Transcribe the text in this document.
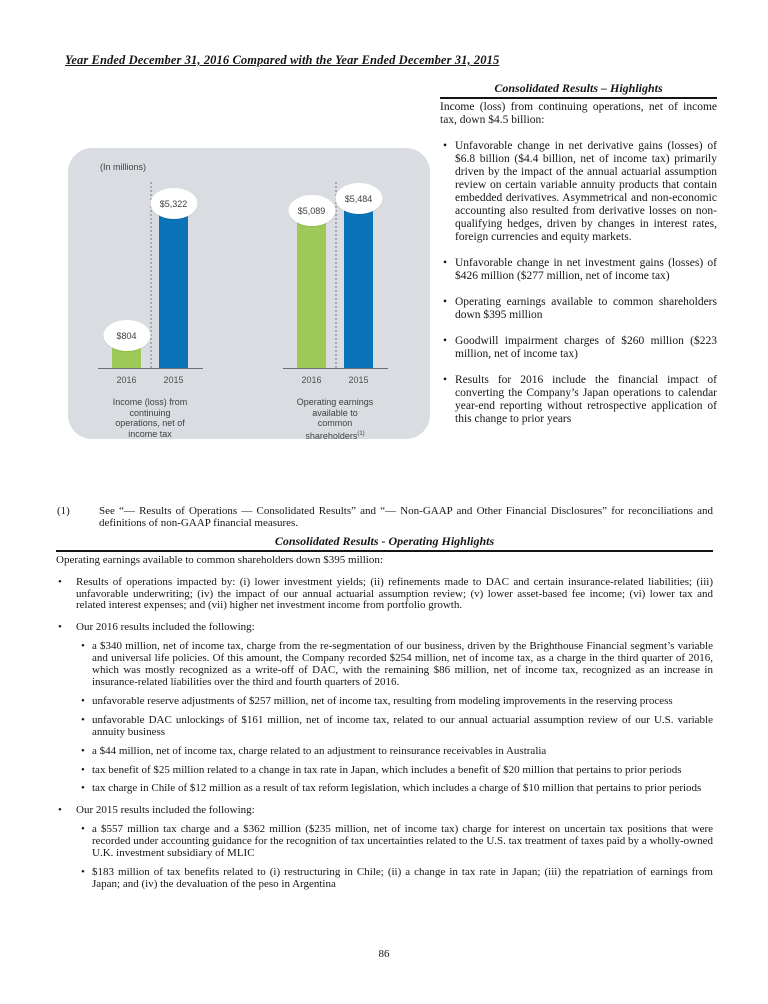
Year Ended December 31, 2016 Compared with the Year Ended December 31, 2015
Consolidated Results – Highlights

Income (loss) from continuing operations, net of income tax, down $4.5 billion:

• Unfavorable change in net derivative gains (losses) of $6.8 billion ($4.4 billion, net of income tax) primarily driven by the impact of the annual actuarial assumption review on certain variable annuity products that contain embedded derivatives. Asymmetrical and non-economic accounting also resulted from derivative losses on non-qualifying hedges, driven by changes in interest rates, foreign currencies and equity markets.
• Unfavorable change in net investment gains (losses) of $426 million ($277 million, net of income tax)
• Operating earnings available to common shareholders down $395 million
• Goodwill impairment charges of $260 million ($223 million, net of income tax)
• Results for 2016 include the financial impact of converting the Company’s Japan operations to calendar year-end reporting without retrospective application of this change to prior years
(In millions)
$804
$5,322
2016	2015
Income (loss) from
continuing
operations, net of
income tax
$5,089
$5,484
2016	2015
Operating earnings
available to
common
shareholders$^{(1)}$
(1)	See “— Results of Operations — Consolidated Results” and “— Non-GAAP and Other Financial Disclosures” for reconciliations and definitions of non-GAAP financial measures.
Consolidated Results - Operating Highlights

Operating earnings available to common shareholders down $395 million:

• Results of operations impacted by: (i) lower investment yields; (ii) refinements made to DAC and certain insurance-related liabilities; (iii) unfavorable underwriting; (iv) the impact of our annual actuarial assumption review; (v) lower asset-based fee income; (vi) lower tax and related interest expenses; and (vii) higher net investment income from portfolio growth.
• Our 2016 results included the following:
• a $340 million, net of income tax, charge from the re-segmentation of our business, driven by the Brighthouse Financial segment’s variable and universal life policies. Of this amount, the Company recorded $254 million, net of income tax, as a charge in the third quarter of 2016, which was mostly recognized as a write-off of DAC, with the remaining $86 million, net of income tax, recognized as an increase in insurance-related liabilities over the third and fourth quarters of 2016.
• unfavorable reserve adjustments of $257 million, net of income tax, resulting from modeling improvements in the reserving process
• unfavorable DAC unlockings of $161 million, net of income tax, related to our annual actuarial assumption review of our U.S. variable annuity business
• a $44 million, net of income tax, charge related to an adjustment to reinsurance receivables in Australia
• tax benefit of $25 million related to a change in tax rate in Japan, which includes a benefit of $20 million that pertains to prior periods
• tax charge in Chile of $12 million as a result of tax reform legislation, which includes a charge of $10 million that pertains to prior periods
• Our 2015 results included the following:
• a $557 million tax charge and a $362 million ($235 million, net of income tax) charge for interest on uncertain tax positions that were recorded under accounting guidance for the recognition of tax uncertainties related to the U.S. tax treatment of taxes paid by a wholly-owned U.K. investment subsidiary of MLIC
• $183 million of tax benefits related to (i) restructuring in Chile; (ii) a change in tax rate in Japan; (iii) the repatriation of earnings from Japan; and (iv) the devaluation of the peso in Argentina
86
